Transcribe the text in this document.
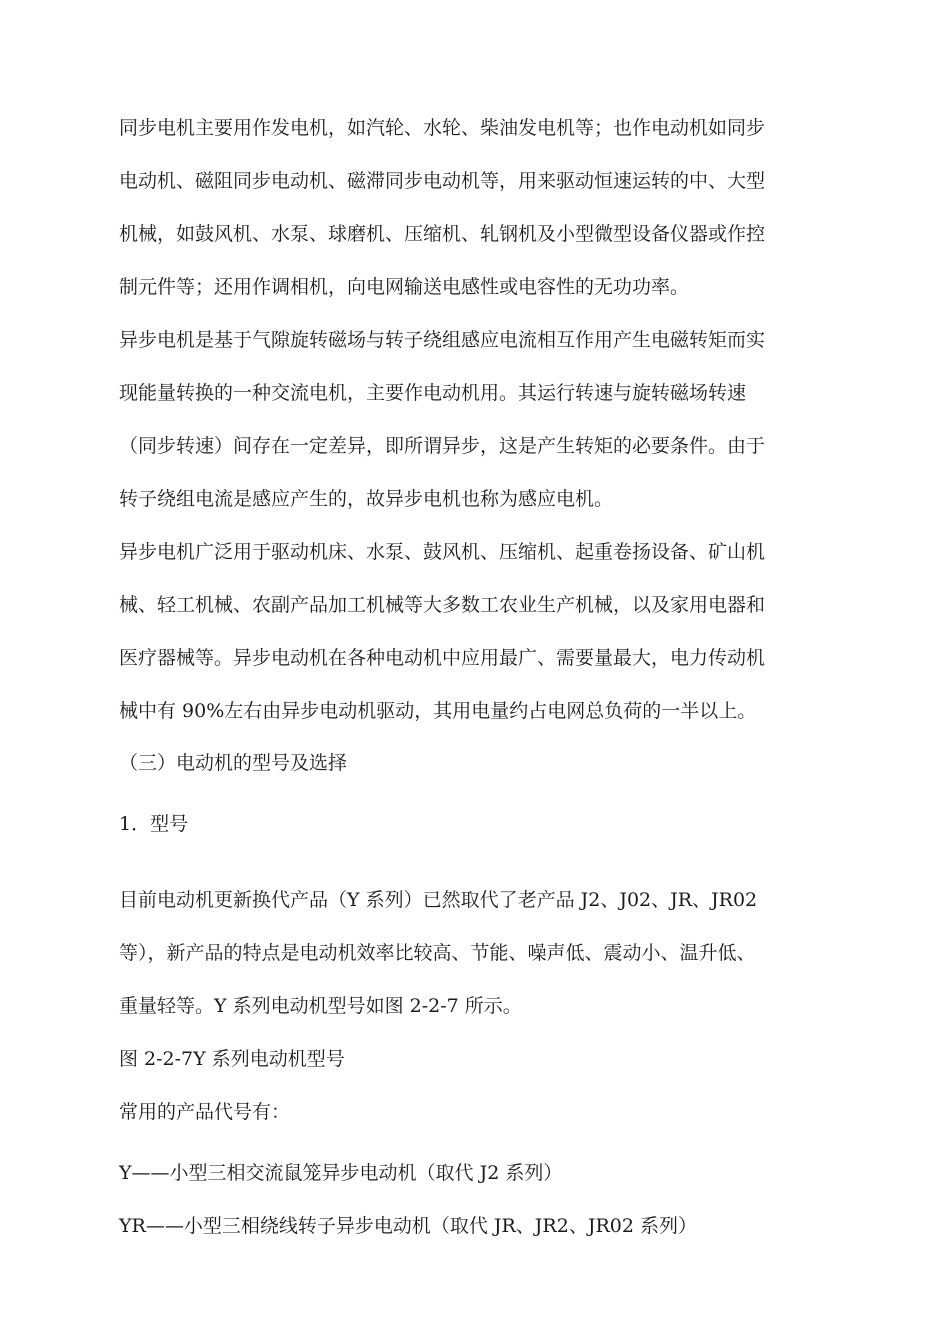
同步电机主要用作发电机，如汽轮、水轮、柴油发电机等；也作电动机如同步
电动机、磁阻同步电动机、磁滞同步电动机等，用来驱动恒速运转的中、大型
机械，如鼓风机、水泵、球磨机、压缩机、轧钢机及小型微型设备仪器或作控
制元件等；还用作调相机，向电网输送电感性或电容性的无功功率。
异步电机是基于气隙旋转磁场与转子绕组感应电流相互作用产生电磁转矩而实
现能量转换的一种交流电机，主要作电动机用。其运行转速与旋转磁场转速
（同步转速）间存在一定差异，即所谓异步，这是产生转矩的必要条件。由于
转子绕组电流是感应产生的，故异步电机也称为感应电机。
异步电机广泛用于驱动机床、水泵、鼓风机、压缩机、起重卷扬设备、矿山机
械、轻工机械、农副产品加工机械等大多数工农业生产机械，以及家用电器和
医疗器械等。异步电动机在各种电动机中应用最广、需要量最大，电力传动机
械中有 90%左右由异步电动机驱动，其用电量约占电网总负荷的一半以上。
（三）电动机的型号及选择
1．型号
目前电动机更新换代产品（Y 系列）已然取代了老产品 J2、J02、JR、JR02
等），新产品的特点是电动机效率比较高、节能、噪声低、震动小、温升低、
重量轻等。Y 系列电动机型号如图 2-2-7 所示。
图 2-2-7Y 系列电动机型号
常用的产品代号有：
Y——小型三相交流鼠笼异步电动机（取代 J2 系列）
YR——小型三相绕线转子异步电动机（取代 JR、JR2、JR02 系列）
